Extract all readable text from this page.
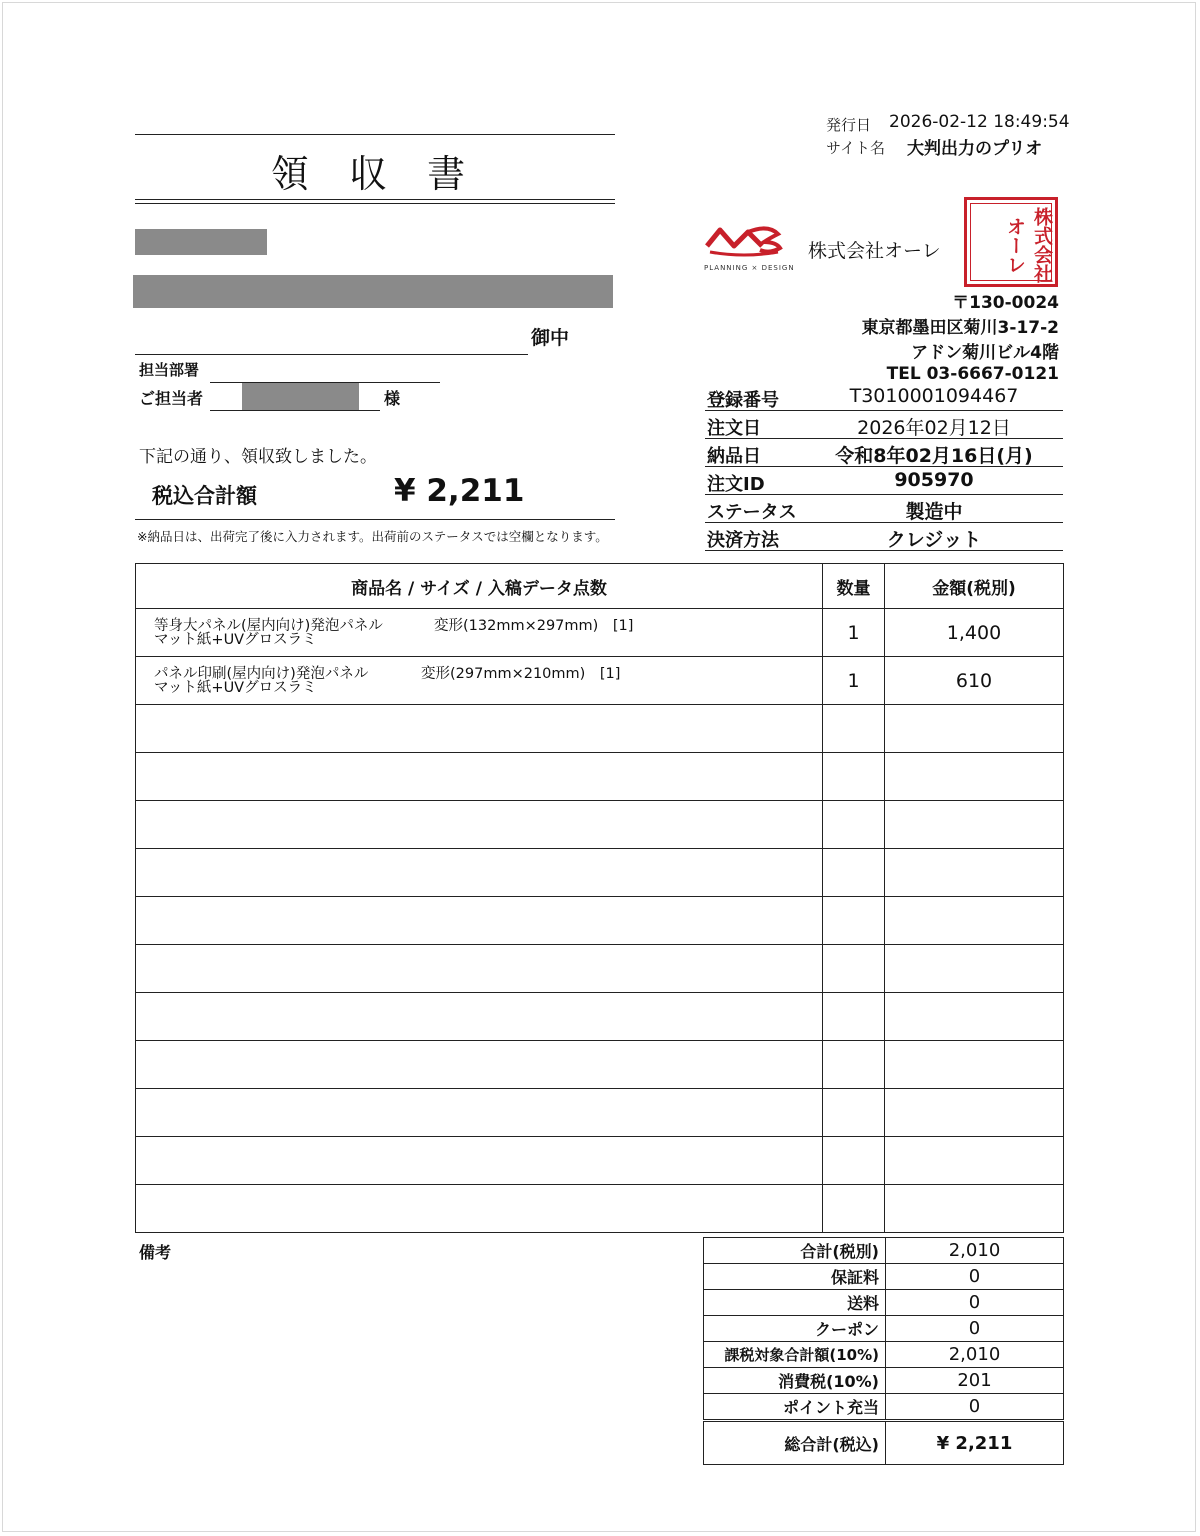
領 収 書
発行日 2026-02-12 18:49:54
サイト名 大判出力のプリオ
御中
担当部署
ご担当者	様
下記の通り、領収致しました。
税込合計額	¥ 2,211
※納品日は、出荷完了後に入力されます。出荷前のステータスでは空欄となります。
PLANNING × DESIGN
株式会社オーレ	株式会社オーレ
〒130-0024
東京都墨田区菊川3-17-2
アドン菊川ビル4階
TEL 03-6667-0121
登録番号	T3010001094467
注文日	2026年02月12日
納品日	令和8年02月16日(月)
注文ID	905970
ステータス	製造中
決済方法	クレジット
商品名 / サイズ / 入稿データ点数	数量	金額(税別)

等身大パネル(屋内向け)発泡パネル 変形(132mm×297mm)　[1]
マット紙+UVグロスラミ	1	1,400

パネル印刷(屋内向け)発泡パネル 変形(297mm×210mm)　[1]
マット紙+UVグロスラミ	1	610

備考	合計(税別)	2,010
保証料	0
送料	0
クーポン	0
課税対象合計額(10%)	2,010
消費税(10%)	201
ポイント充当	0
総合計(税込)	¥ 2,211
